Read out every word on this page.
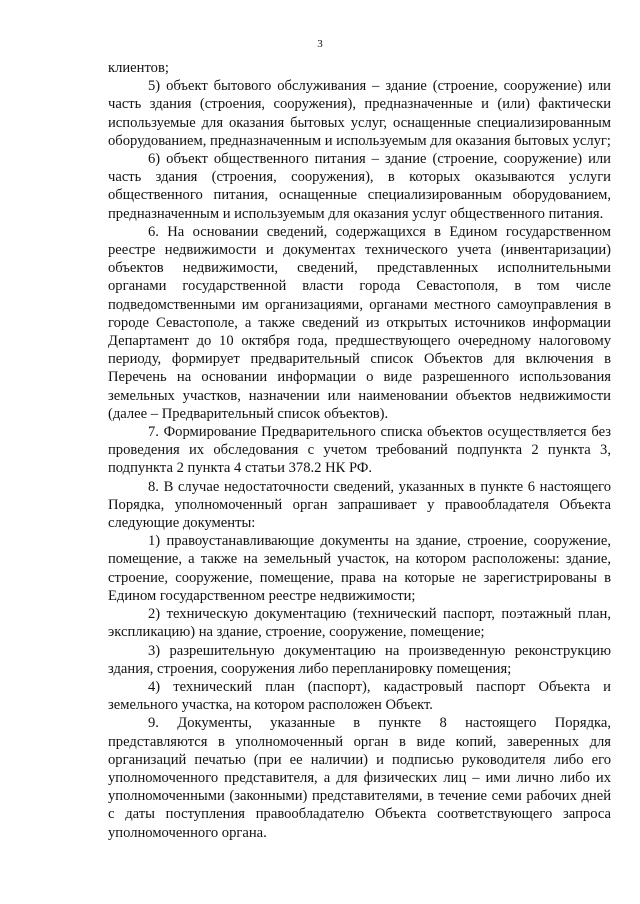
3

клиентов;

5) объект бытового обслуживания – здание (строение, сооружение) или часть здания (строения, сооружения), предназначенные и (или) фактически используемые для оказания бытовых услуг, оснащенные специализированным оборудованием, предназначенным и используемым для оказания бытовых услуг;

6) объект общественного питания – здание (строение, сооружение) или часть здания (строения, сооружения), в которых оказываются услуги общественного питания, оснащенные специализированным оборудованием, предназначенным и используемым для оказания услуг общественного питания.

6. На основании сведений, содержащихся в Едином государственном реестре недвижимости и документах технического учета (инвентаризации) объектов недвижимости, сведений, представленных исполнительными органами государственной власти города Севастополя, в том числе подведомственными им организациями, органами местного самоуправления в городе Севастополе, а также сведений из открытых источников информации Департамент до 10 октября года, предшествующего очередному налоговому периоду, формирует предварительный список Объектов для включения в Перечень на основании информации о виде разрешенного использования земельных участков, назначении или наименовании объектов недвижимости (далее – Предварительный список объектов).

7. Формирование Предварительного списка объектов осуществляется без проведения их обследования с учетом требований подпункта 2 пункта 3, подпункта 2 пункта 4 статьи 378.2 НК РФ.

8. В случае недостаточности сведений, указанных в пункте 6 настоящего Порядка, уполномоченный орган запрашивает у правообладателя Объекта следующие документы:

1) правоустанавливающие документы на здание, строение, сооружение, помещение, а также на земельный участок, на котором расположены: здание, строение, сооружение, помещение, права на которые не зарегистрированы в Едином государственном реестре недвижимости;

2) техническую документацию (технический паспорт, поэтажный план, экспликацию) на здание, строение, сооружение, помещение;

3) разрешительную документацию на произведенную реконструкцию здания, строения, сооружения либо перепланировку помещения;

4) технический план (паспорт), кадастровый паспорт Объекта и земельного участка, на котором расположен Объект.

9. Документы, указанные в пункте 8 настоящего Порядка, представляются в уполномоченный орган в виде копий, заверенных для организаций печатью (при ее наличии) и подписью руководителя либо его уполномоченного представителя, а для физических лиц – ими лично либо их уполномоченными (законными) представителями, в течение семи рабочих дней с даты поступления правообладателю Объекта соответствующего запроса уполномоченного органа.
